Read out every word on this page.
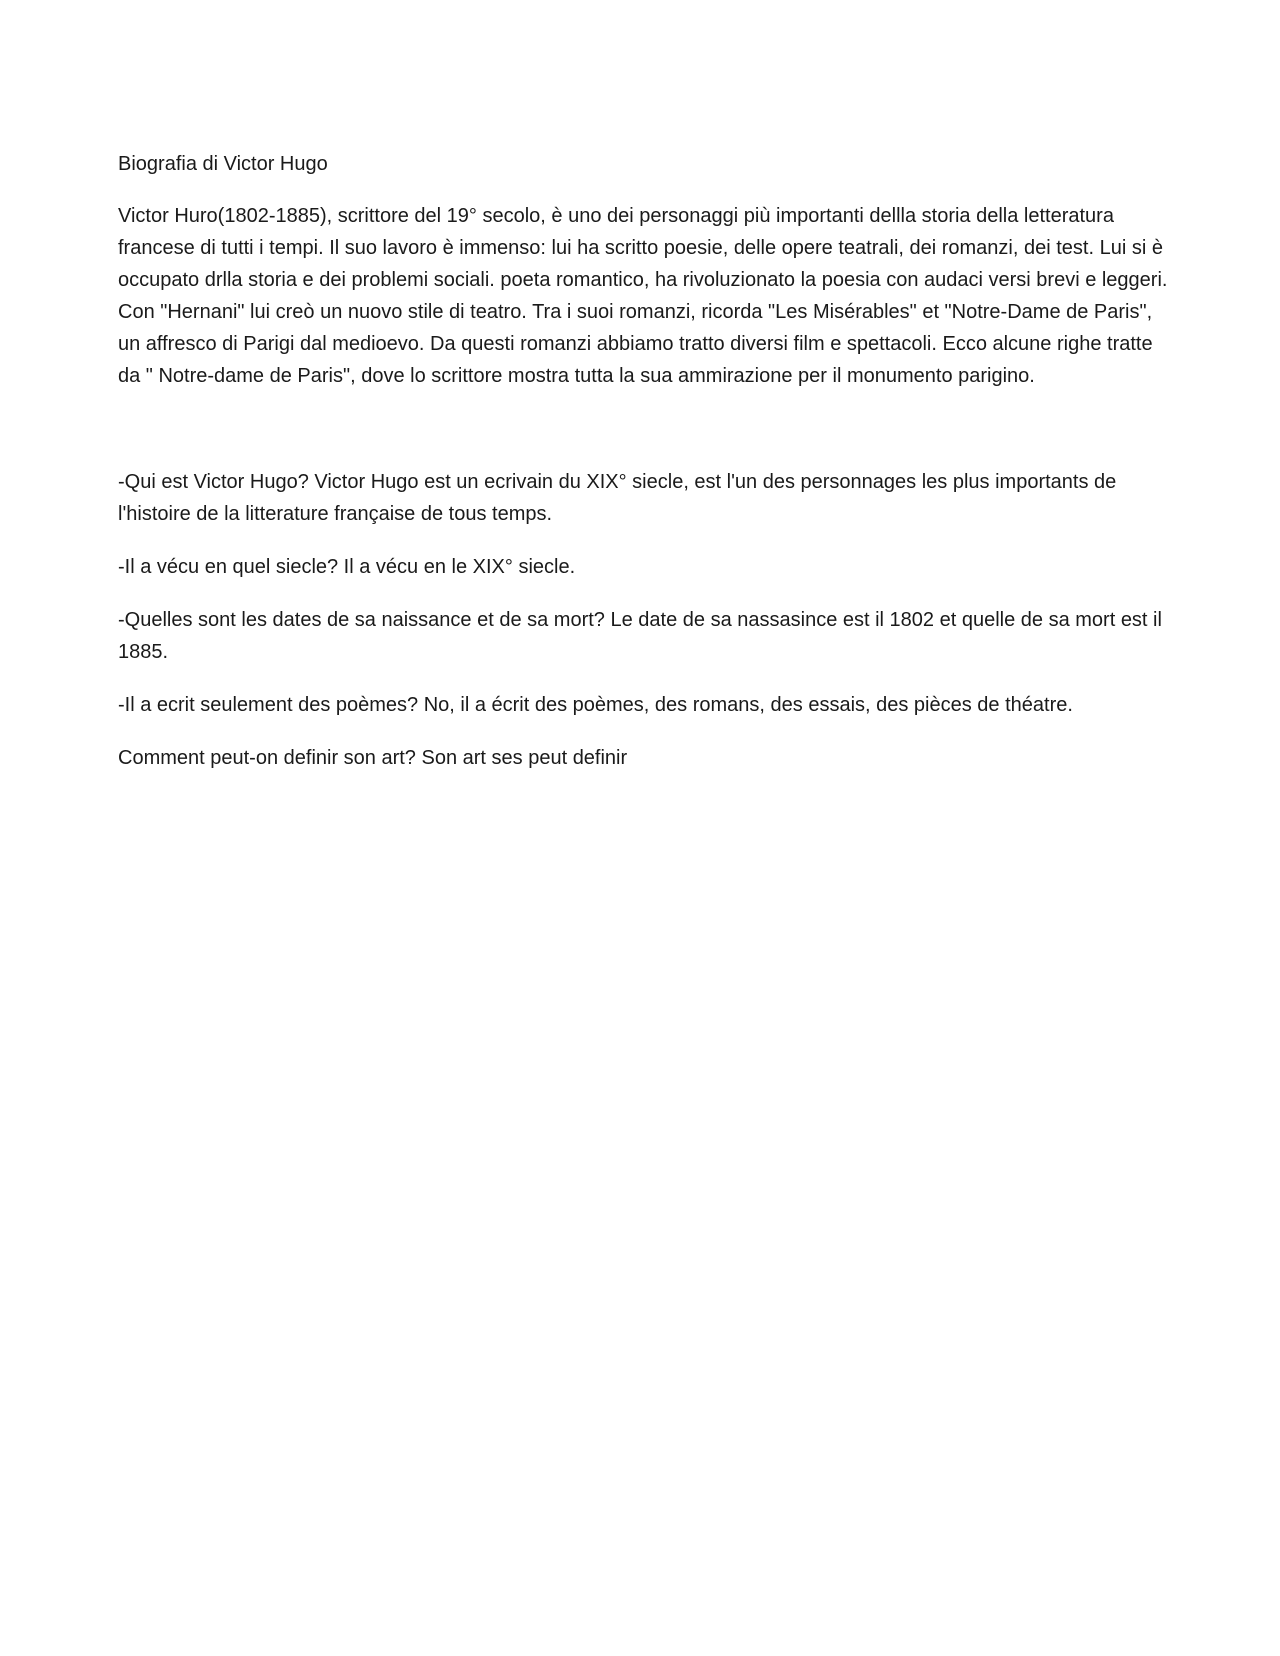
Biografia di Victor Hugo

Victor Huro(1802-1885), scrittore del 19° secolo, è uno dei personaggi più importanti dellla storia della letteratura francese di tutti i tempi. Il suo lavoro è immenso: lui ha scritto poesie, delle opere teatrali, dei romanzi, dei test. Lui si è occupato drlla storia e dei problemi sociali. poeta romantico, ha rivoluzionato la poesia con audaci versi brevi e leggeri. Con "Hernani" lui creò un nuovo stile di teatro. Tra i suoi romanzi, ricorda "Les Misérables" et "Notre-Dame de Paris", un affresco di Parigi dal medioevo. Da questi romanzi abbiamo tratto diversi film e spettacoli. Ecco alcune righe tratte da " Notre-dame de Paris", dove lo scrittore mostra tutta la sua ammirazione per il monumento parigino.

-Qui est Victor Hugo? Victor Hugo est un ecrivain du XIX° siecle, est l'un des personnages les plus importants de l'histoire de la litterature française de tous temps.

-Il a vécu en quel siecle? Il a vécu en le XIX° siecle.

-Quelles sont les dates de sa naissance et de sa mort? Le date de sa nassasince est il 1802 et quelle de sa mort est il 1885.

-Il a ecrit seulement des poèmes? No, il a écrit des poèmes, des romans, des essais, des pièces de théatre.

Comment peut-on definir son art? Son art ses peut definir
